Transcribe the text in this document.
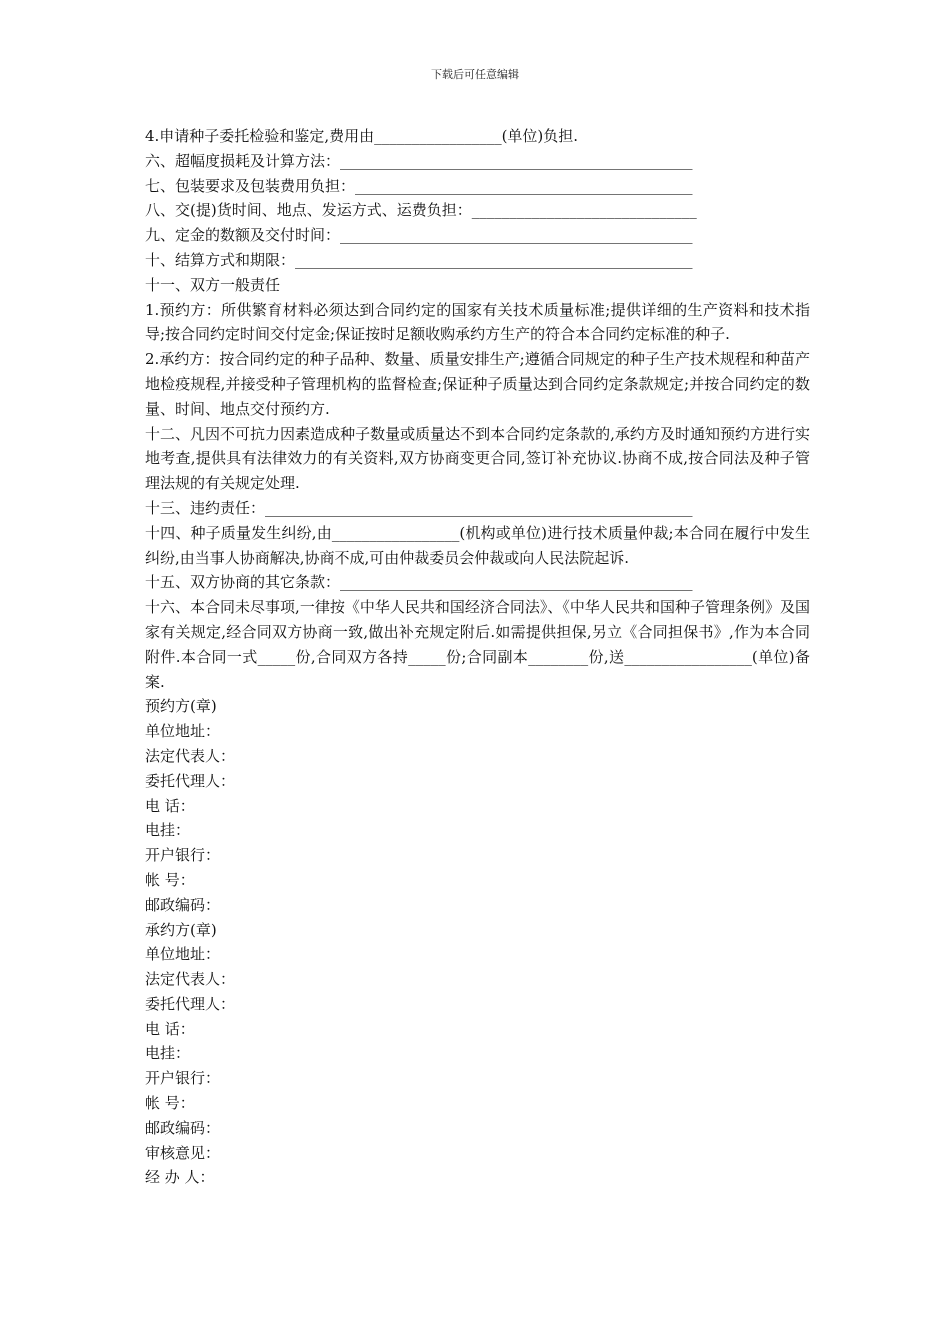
下载后可任意编辑
4.申请种子委托检验和鉴定,费用由_________________(单位)负担.
六、超幅度损耗及计算方法：_______________________________________________
七、包装要求及包装费用负担：_____________________________________________
八、交(提)货时间、地点、发运方式、运费负担：______________________________
九、定金的数额及交付时间：_______________________________________________
十、结算方式和期限：_____________________________________________________
十一、双方一般责任
1.预约方：所供繁育材料必须达到合同约定的国家有关技术质量标准;提供详细的生产资料和技术指导;按合同约定时间交付定金;保证按时足额收购承约方生产的符合本合同约定标准的种子.
2.承约方：按合同约定的种子品种、数量、质量安排生产;遵循合同规定的种子生产技术规程和种苗产地检疫规程,并接受种子管理机构的监督检查;保证种子质量达到合同约定条款规定;并按合同约定的数量、时间、地点交付预约方.
十二、凡因不可抗力因素造成种子数量或质量达不到本合同约定条款的,承约方及时通知预约方进行实地考查,提供具有法律效力的有关资料,双方协商变更合同,签订补充协议.协商不成,按合同法及种子管理法规的有关规定处理.
十三、违约责任：_________________________________________________________
十四、种子质量发生纠纷,由_________________(机构或单位)进行技术质量仲裁;本合同在履行中发生纠纷,由当事人协商解决,协商不成,可由仲裁委员会仲裁或向人民法院起诉.
十五、双方协商的其它条款：_______________________________________________
十六、本合同未尽事项,一律按《中华人民共和国经济合同法》、《中华人民共和国种子管理条例》及国家有关规定,经合同双方协商一致,做出补充规定附后.如需提供担保,另立《合同担保书》,作为本合同附件.本合同一式_____份,合同双方各持_____份;合同副本________份,送_________________(单位)备案.
预约方(章)
单位地址：
法定代表人：
委托代理人：
电 话：
电挂：
开户银行：
帐 号：
邮政编码：
承约方(章)
单位地址：
法定代表人：
委托代理人：
电 话：
电挂：
开户银行：
帐 号：
邮政编码：
审核意见：
经 办 人：
